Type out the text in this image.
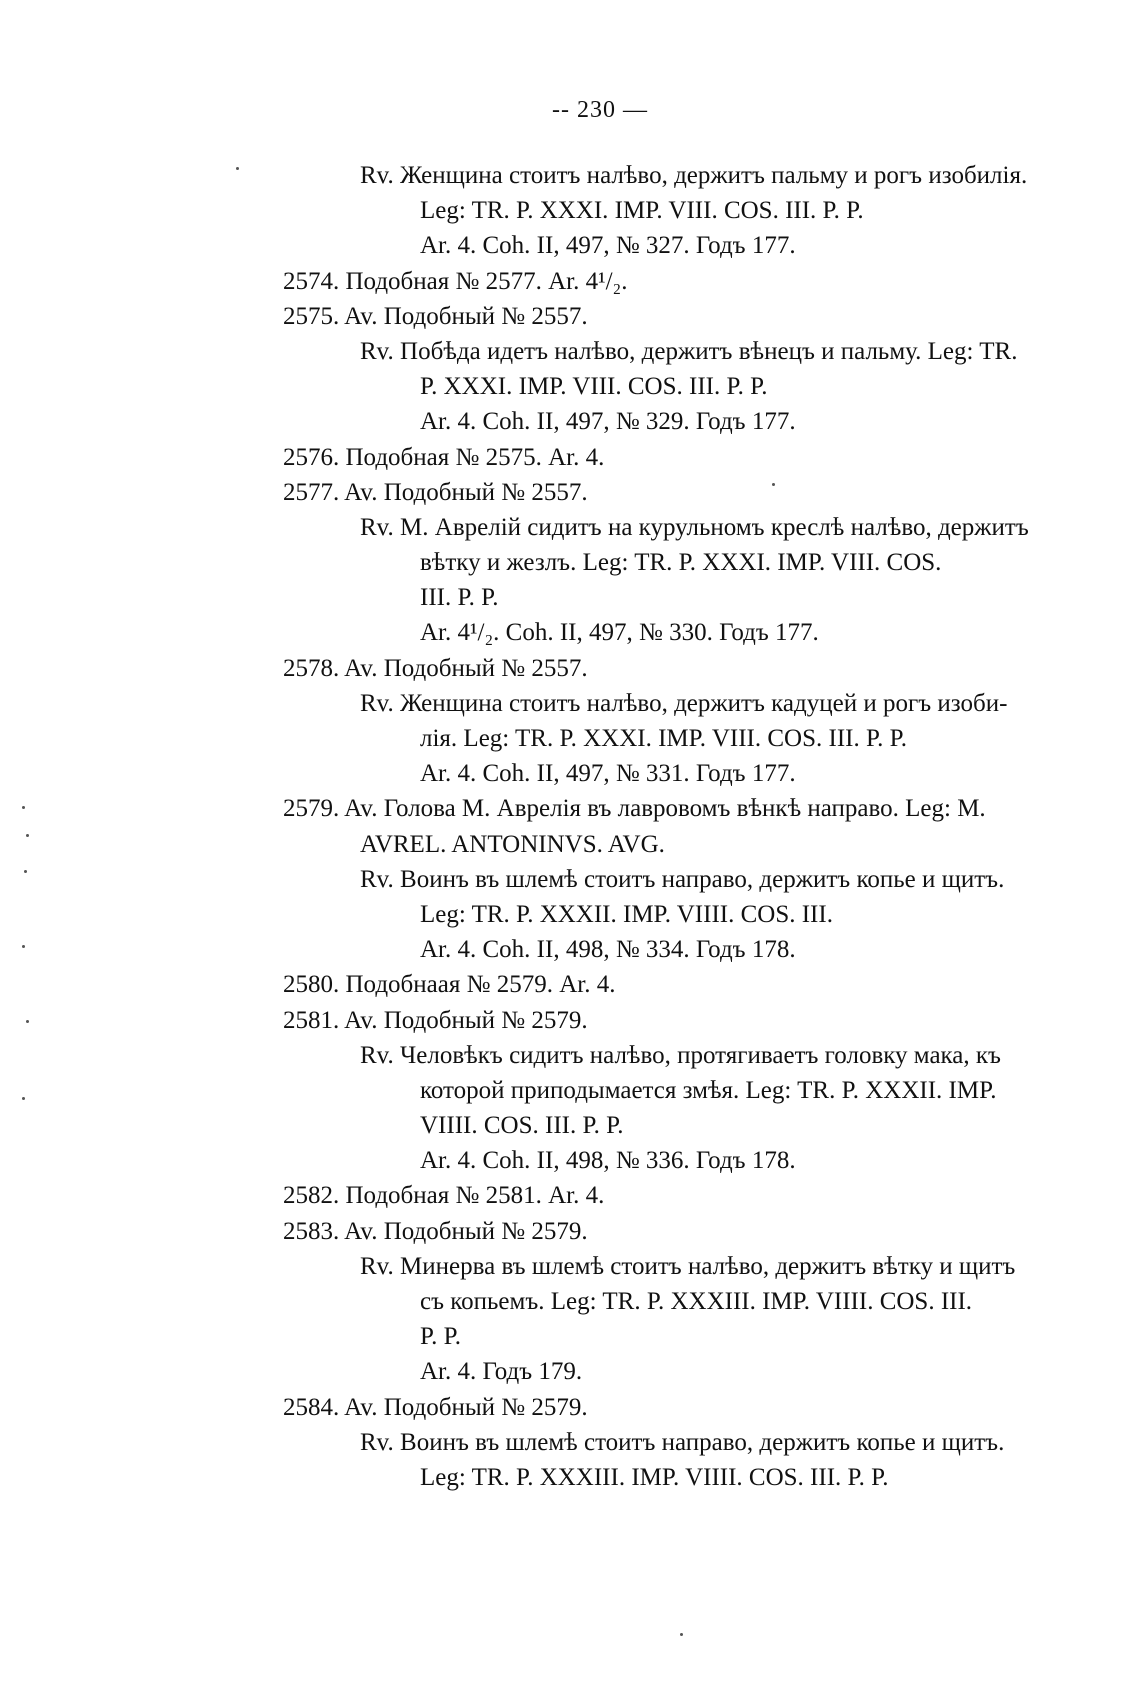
-- 230 —
Rv. Женщина стоитъ налѣво, держитъ пальму и рогъ изобилія.
Leg: TR. P. XXXI. IMP. VIII. COS. III. P. P.
Ar. 4. Coh. II, 497, № 327. Годъ 177.
2574. Подобная № 2577. Ar. 4¹/₂.
2575. Av. Подобный № 2557.
Rv. Побѣда идетъ налѣво, держитъ вѣнецъ и пальму. Leg: TR.
P. XXXI. IMP. VIII. COS. III. P. P.
Ar. 4. Coh. II, 497, № 329. Годъ 177.
2576. Подобная № 2575. Ar. 4.
2577. Av. Подобный № 2557.
Rv. M. Аврелій сидитъ на курульномъ креслѣ налѣво, держитъ
вѣтку и жезлъ. Leg: TR. P. XXXI. IMP. VIII. COS.
III. P. P.
Ar. 4¹/₂. Coh. II, 497, № 330. Годъ 177.
2578. Av. Подобный № 2557.
Rv. Женщина стоитъ налѣво, держитъ кадуцей и рогъ изоби-
лія. Leg: TR. P. XXXI. IMP. VIII. COS. III. P. P.
Ar. 4. Coh. II, 497, № 331. Годъ 177.
2579. Av. Голова M. Аврелія въ лавровомъ вѣнкѣ направо. Leg: M.
AVREL. ANTONINVS. AVG.
Rv. Воинъ въ шлемѣ стоитъ направо, держитъ копье и щитъ.
Leg: TR. P. XXXII. IMP. VIIII. COS. III.
Ar. 4. Coh. II, 498, № 334. Годъ 178.
2580. Подобнаая № 2579. Ar. 4.
2581. Av. Подобный № 2579.
Rv. Человѣкъ сидитъ налѣво, протягиваетъ головку мака, къ
которой приподымается змѣя. Leg: TR. P. XXXII. IMP.
VIIII. COS. III. P. P.
Ar. 4. Coh. II, 498, № 336. Годъ 178.
2582. Подобная № 2581. Ar. 4.
2583. Av. Подобный № 2579.
Rv. Минерва въ шлемѣ стоитъ налѣво, держитъ вѣтку и щитъ
съ копьемъ. Leg: TR. P. XXXIII. IMP. VIIII. COS. III.
P. P.
Ar. 4. Годъ 179.
2584. Av. Подобный № 2579.
Rv. Воинъ въ шлемѣ стоитъ направо, держитъ копье и щитъ.
Leg: TR. P. XXXIII. IMP. VIIII. COS. III. P. P.
